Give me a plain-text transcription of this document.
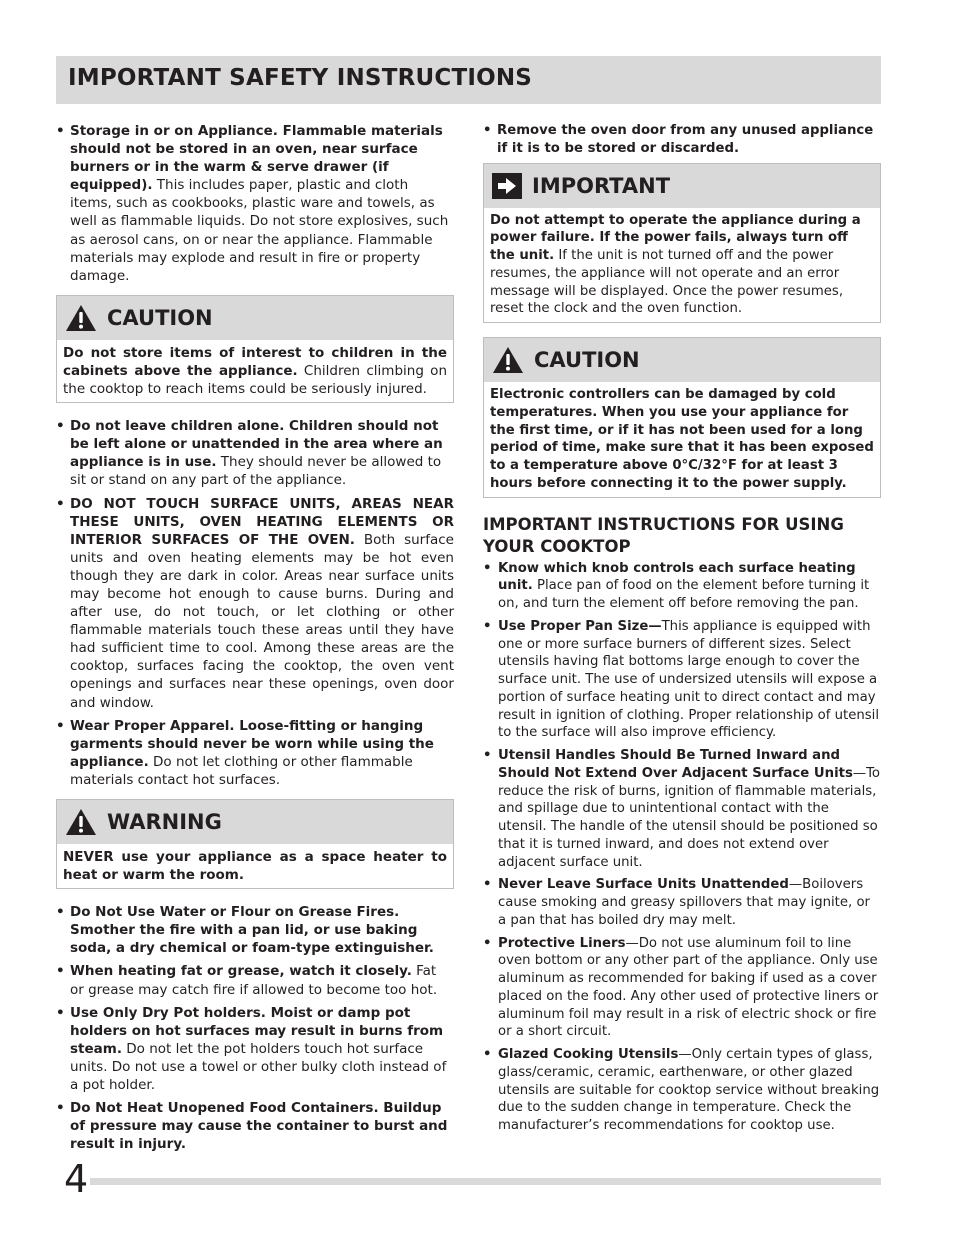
IMPORTANT SAFETY INSTRUCTIONS
• Storage in or on Appliance. Flammable materials should not be stored in an oven, near surface burners or in the warm & serve drawer (if equipped). This includes paper, plastic and cloth items, such as cookbooks, plastic ware and towels, as well as flammable liquids. Do not store explosives, such as aerosol cans, on or near the appliance. Flammable materials may explode and result in fire or property damage.
CAUTION
Do not store items of interest to children in the cabinets above the appliance. Children climbing on the cooktop to reach items could be seriously injured.
• Do not leave children alone. Children should not be left alone or unattended in the area where an appliance is in use. They should never be allowed to sit or stand on any part of the appliance.
• DO NOT TOUCH SURFACE UNITS, AREAS NEAR THESE UNITS, OVEN HEATING ELEMENTS OR INTERIOR SURFACES OF THE OVEN. Both surface units and oven heating elements may be hot even though they are dark in color. Areas near surface units may become hot enough to cause burns. During and after use, do not touch, or let clothing or other flammable materials touch these areas until they have had sufficient time to cool. Among these areas are the cooktop, surfaces facing the cooktop, the oven vent openings and surfaces near these openings, oven door and window.
• Wear Proper Apparel. Loose-fitting or hanging garments should never be worn while using the appliance. Do not let clothing or other flammable materials contact hot surfaces.
WARNING
NEVER use your appliance as a space heater to heat or warm the room.
• Do Not Use Water or Flour on Grease Fires. Smother the fire with a pan lid, or use baking soda, a dry chemical or foam-type extinguisher.
• When heating fat or grease, watch it closely. Fat or grease may catch fire if allowed to become too hot.
• Use Only Dry Pot holders. Moist or damp pot holders on hot surfaces may result in burns from steam. Do not let the pot holders touch hot surface units. Do not use a towel or other bulky cloth instead of a pot holder.
• Do Not Heat Unopened Food Containers. Buildup of pressure may cause the container to burst and result in injury.
• Remove the oven door from any unused appliance if it is to be stored or discarded.
IMPORTANT
Do not attempt to operate the appliance during a power failure. If the power fails, always turn off the unit. If the unit is not turned off and the power resumes, the appliance will not operate and an error message will be displayed. Once the power resumes, reset the clock and the oven function.
CAUTION
Electronic controllers can be damaged by cold temperatures. When you use your appliance for the first time, or if it has not been used for a long period of time, make sure that it has been exposed to a temperature above 0°C/32°F for at least 3 hours before connecting it to the power supply.
IMPORTANT INSTRUCTIONS FOR USING YOUR COOKTOP
• Know which knob controls each surface heating unit. Place pan of food on the element before turning it on, and turn the element off before removing the pan.
• Use Proper Pan Size—This appliance is equipped with one or more surface burners of different sizes. Select utensils having flat bottoms large enough to cover the surface unit. The use of undersized utensils will expose a portion of surface heating unit to direct contact and may result in ignition of clothing. Proper relationship of utensil to the surface will also improve efficiency.
• Utensil Handles Should Be Turned Inward and Should Not Extend Over Adjacent Surface Units—To reduce the risk of burns, ignition of flammable materials, and spillage due to unintentional contact with the utensil. The handle of the utensil should be positioned so that it is turned inward, and does not extend over adjacent surface unit.
• Never Leave Surface Units Unattended—Boilovers cause smoking and greasy spillovers that may ignite, or a pan that has boiled dry may melt.
• Protective Liners—Do not use aluminum foil to line oven bottom or any other part of the appliance. Only use aluminum as recommended for baking if used as a cover placed on the food. Any other used of protective liners or aluminum foil may result in a risk of electric shock or fire or a short circuit.
• Glazed Cooking Utensils—Only certain types of glass, glass/ceramic, ceramic, earthenware, or other glazed utensils are suitable for cooktop service without breaking due to the sudden change in temperature. Check the manufacturer’s recommendations for cooktop use.
4
